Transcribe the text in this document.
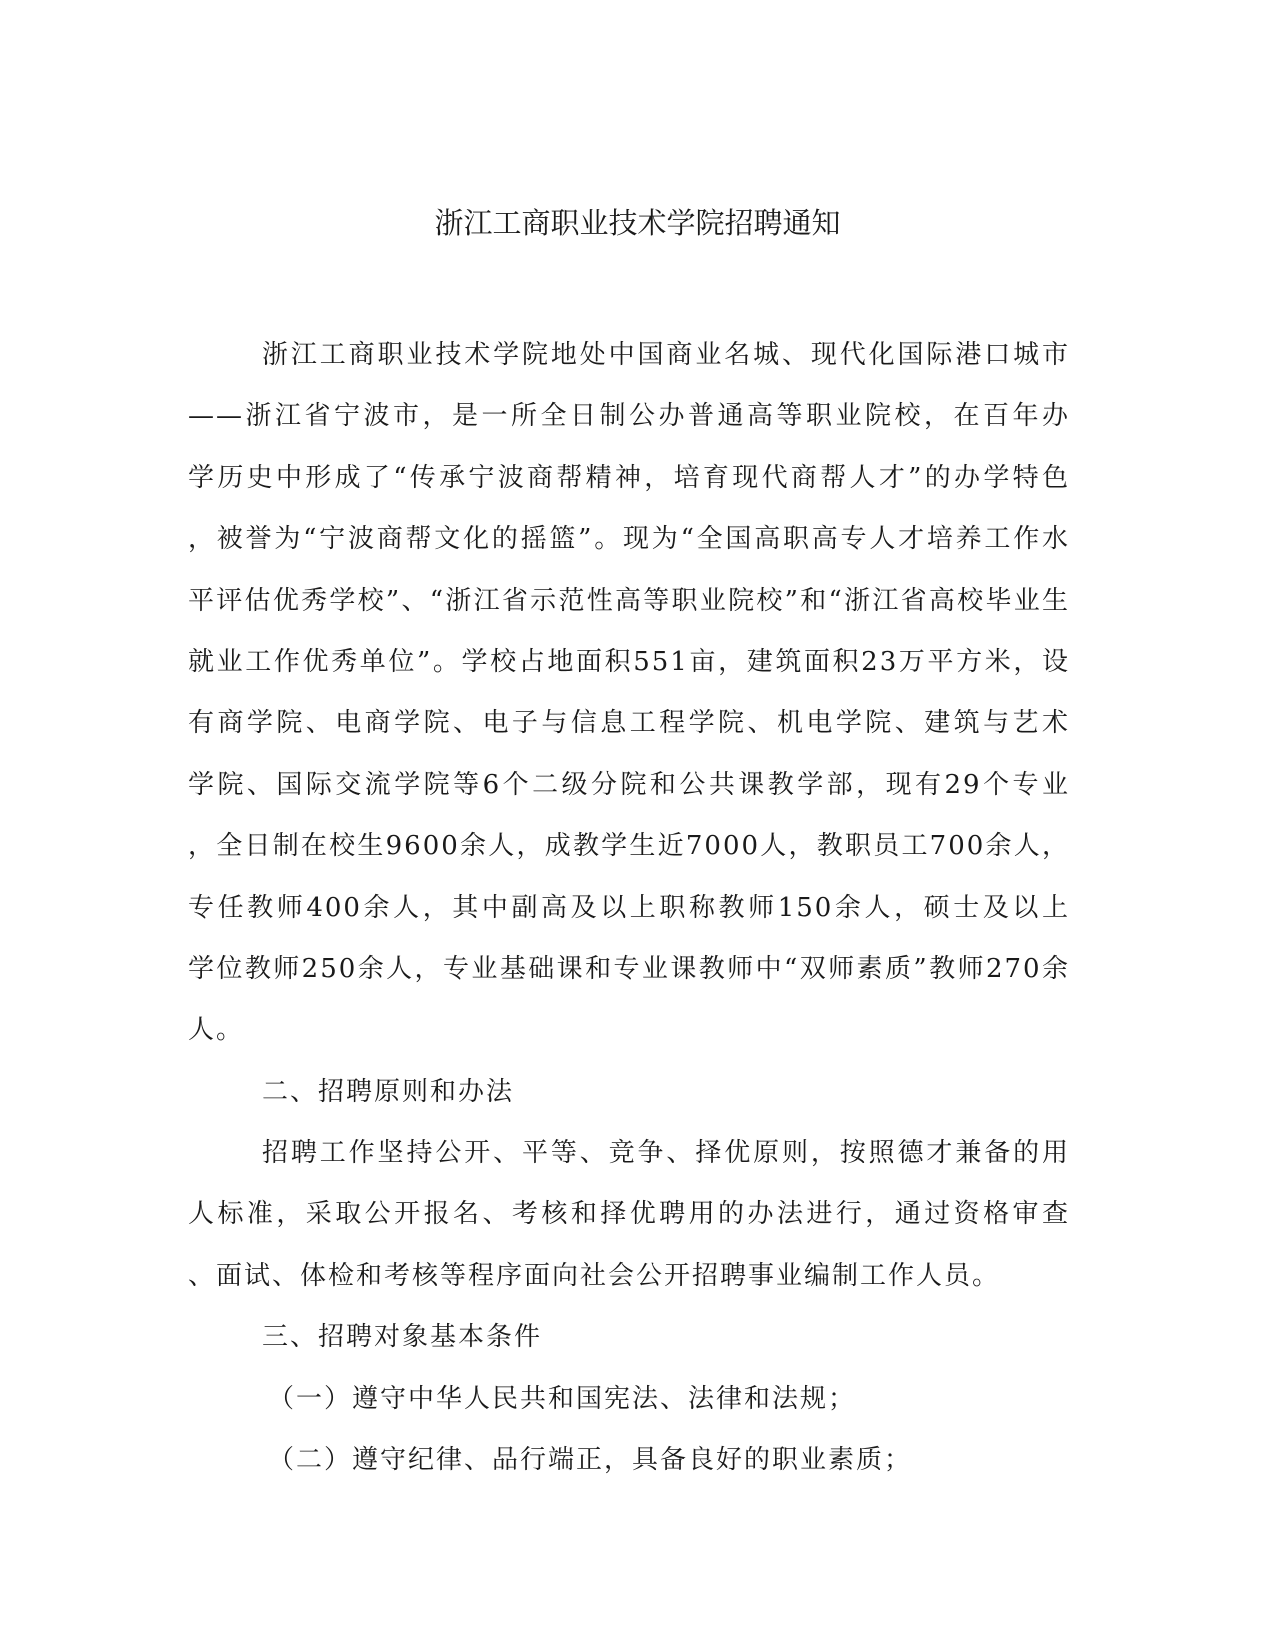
浙江工商职业技术学院招聘通知
浙江工商职业技术学院地处中国商业名城、现代化国际港口城市
——浙江省宁波市，是一所全日制公办普通高等职业院校，在百年办
学历史中形成了“传承宁波商帮精神，培育现代商帮人才”的办学特色
，被誉为“宁波商帮文化的摇篮”。现为“全国高职高专人才培养工作水
平评估优秀学校”、“浙江省示范性高等职业院校”和“浙江省高校毕业生
就业工作优秀单位”。学校占地面积551亩，建筑面积23万平方米，设
有商学院、电商学院、电子与信息工程学院、机电学院、建筑与艺术
学院、国际交流学院等6个二级分院和公共课教学部，现有29个专业
，全日制在校生9600余人，成教学生近7000人，教职员工700余人，
专任教师400余人，其中副高及以上职称教师150余人，硕士及以上
学位教师250余人，专业基础课和专业课教师中“双师素质”教师270余
人。
二、招聘原则和办法
招聘工作坚持公开、平等、竞争、择优原则，按照德才兼备的用
人标准，采取公开报名、考核和择优聘用的办法进行，通过资格审查
、面试、体检和考核等程序面向社会公开招聘事业编制工作人员。
三、招聘对象基本条件
（一）遵守中华人民共和国宪法、法律和法规；
（二）遵守纪律、品行端正，具备良好的职业素质；
